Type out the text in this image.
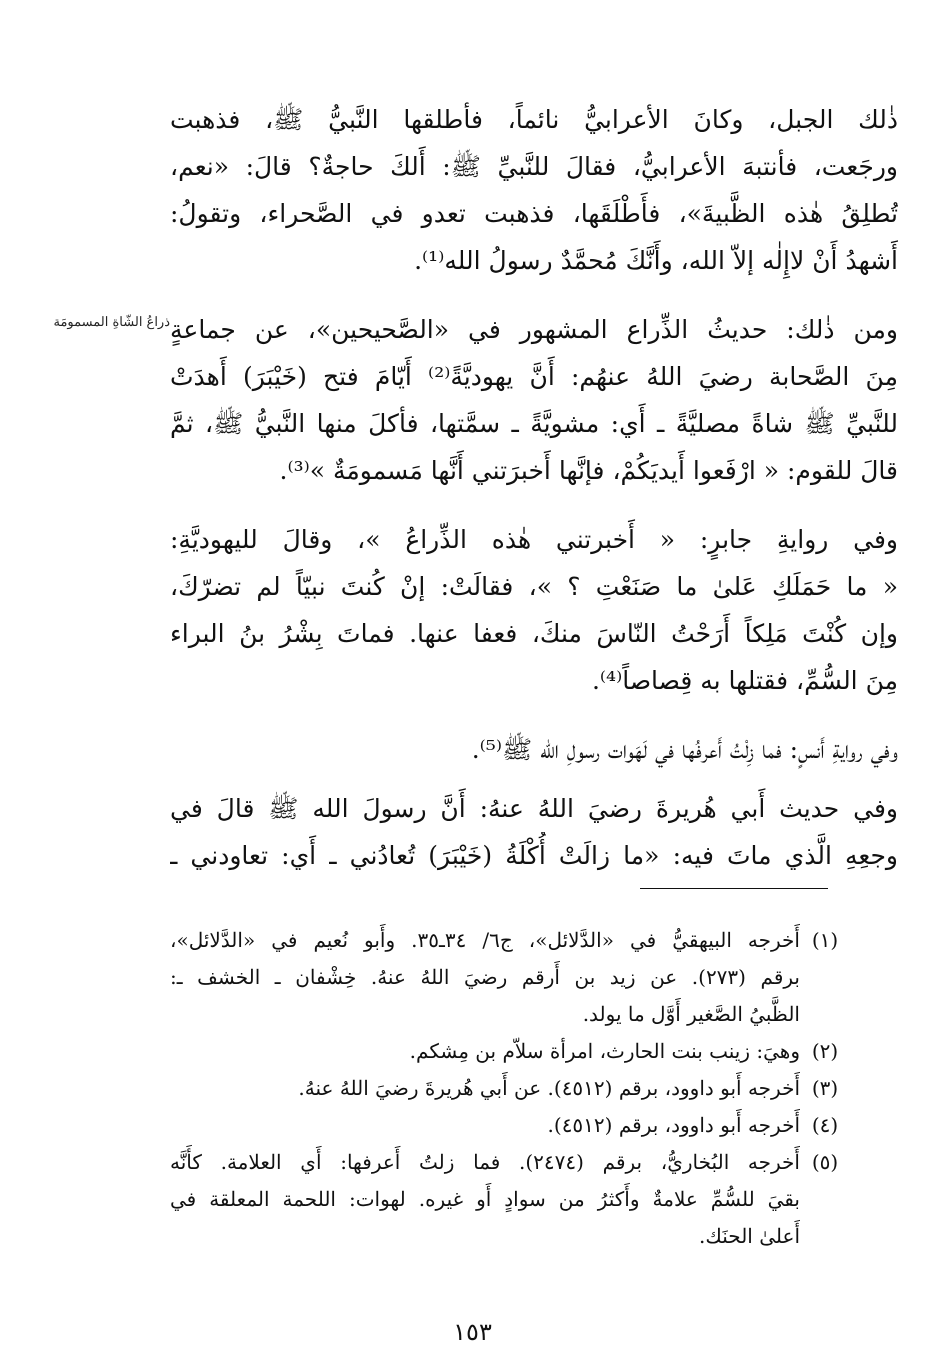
ذراعُ الشّاةِ المسمومَة

ذٰلك الجبل، وكانَ الأعرابيُّ نائماً، فأطلقها النَّبيُّ ﷺ، فذهبت
ورجَعت، فأنتبهَ الأعرابيُّ، فقالَ للنَّبيِّ ﷺ: أَلكَ حاجةٌ؟ قالَ: «نعم،
تُطلِقُ هٰذه الظَّبيةَ»، فأَطْلَقَها، فذهبت تعدو في الصَّحراء، وتقولُ:
أَشهدُ أَنْ لاإِلٰه إلاّ الله، وأَنَّكَ مُحمَّدٌ رسولُ الله⁽¹⁾.

ومن ذٰلك: حديثُ الذِّراع المشهور في «الصَّحيحين»، عن جماعةٍ
مِنَ الصَّحابة رضيَ اللهُ عنهُم: أَنَّ يهوديَّةً⁽²⁾ أَيّامَ فتح (خَيْبَرَ) أَهدَتْ
للنَّبيِّ ﷺ شاةً مصليَّةً ـ أَي: مشويَّةً ـ سمَّتها، فأكلَ منها النَّبيُّ ﷺ، ثمَّ
قالَ للقوم: « ارْفَعوا أَيديَكُمْ، فإنَّها أَخبرَتني أَنَّها مَسمومَةٌ »⁽³⁾.

وفي روايةِ جابرٍ: « أَخبرتني هٰذه الذِّراعُ »، وقالَ لليهوديَّةِ:
« ما حَمَلَكِ عَلىٰ ما صَنَعْتِ ؟ »، فقالَتْ: إنْ كُنتَ نبيّاً لم تضرّكَ،
وإن كُنْتَ مَلِكاً أَرَحْتُ النّاسَ منكَ، فعفا عنها. فماتَ بِشْرُ بنُ البراء
مِنَ السُّمِّ، فقتلها به قِصاصاً⁽⁴⁾.

وفي روايةِ أَنسٍ: فما زِلْتُ أَعرفُها في لَهَوات رسولِ الله ﷺ⁽⁵⁾.

وفي حديث أَبي هُريرةَ رضيَ اللهُ عنهُ: أَنَّ رسولَ الله ﷺ قالَ في
وجعِهِ الَّذي ماتَ فيه: «ما زالَتْ أُكْلَةُ (خَيْبَرَ) تُعادُني ـ أَي: تعاودني ـ

(١)
أَخرجه البيهقيُّ في «الدَّلائل»، ج٦/ ٣٤ـ٣٥. وأَبو نُعيم في «الدَّلائل»،
برقم (٢٧٣). عن زيد بن أَرقم رضيَ اللهُ عنهُ. خِشْفان ـ الخشف ـ:
الظَّبيُ الصَّغير أَوَّل ما يولد.
(٢)
وهيَ: زينب بنت الحارث، امرأة سلاّم بن مِشكم.
(٣)
أَخرجه أَبو داوود، برقم (٤٥١٢). عن أَبي هُريرةَ رضيَ اللهُ عنهُ.
(٤)
أَخرجه أَبو داوود، برقم (٤٥١٢).
(٥)
أَخرجه البُخاريُّ، برقم (٢٤٧٤). فما زلتُ أَعرفها: أَي العلامة. كأَنَّه
بقيَ للسُّمِّ علامةٌ وأَكثرُ من سوادٍ أَو غيره. لهوات: اللحمة المعلقة في
أَعلىٰ الحنَك.
١٥٣
